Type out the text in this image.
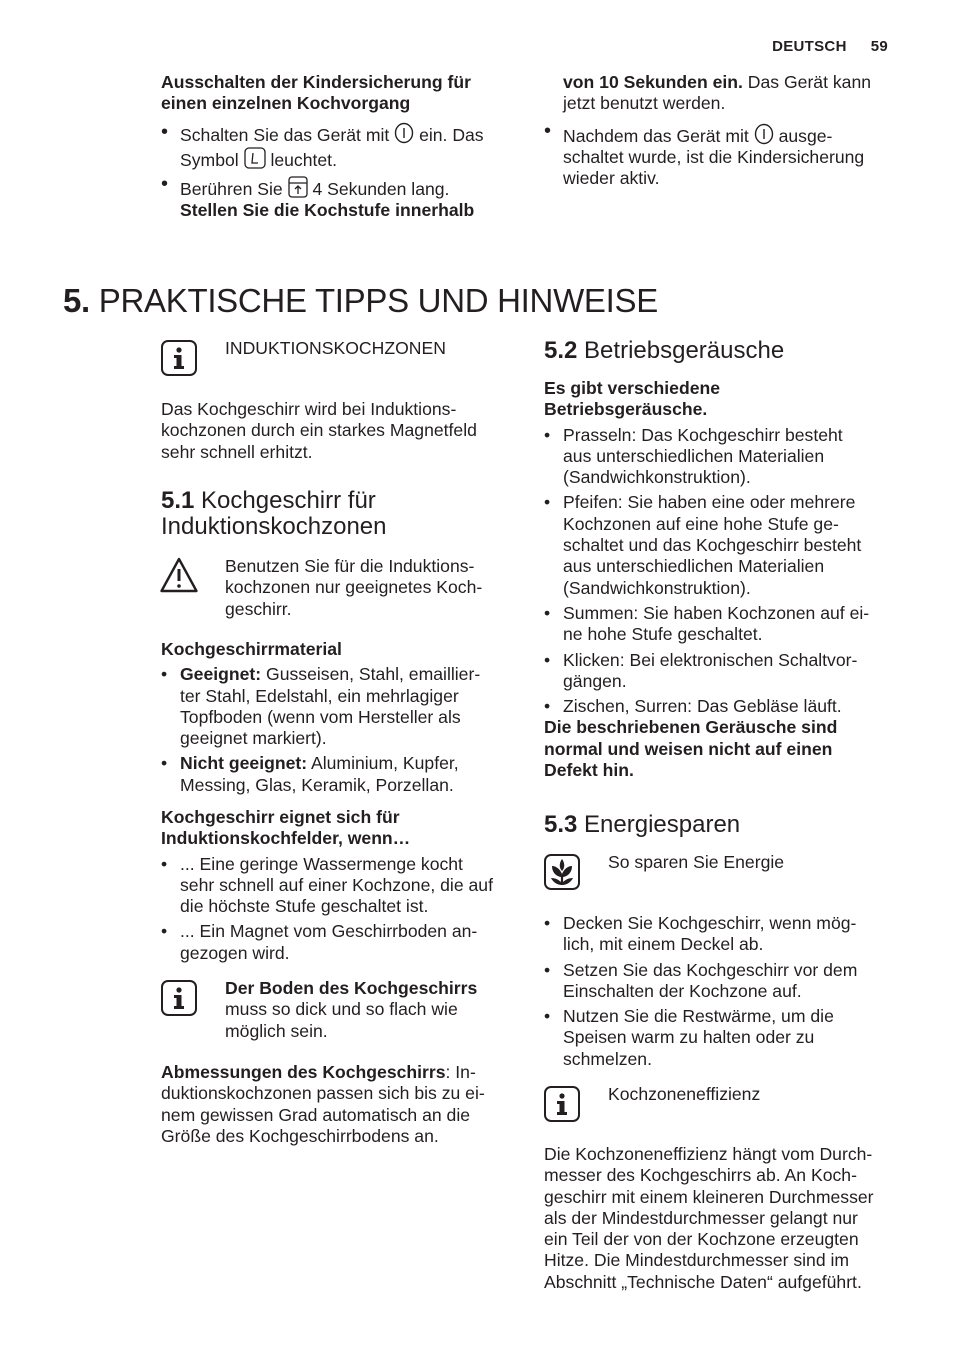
DEUTSCH 59
Ausschalten der Kindersicherung für einen einzelnen Kochvorgang
• Schalten Sie das Gerät mit ein. Das
Symbol leuchtet.
• Berühren Sie 4 Sekunden lang.
Stellen Sie die Kochstufe innerhalb
von 10 Sekunden ein. Das Gerät kann
jetzt benutzt werden.
• Nachdem das Gerät mit ausge-
schaltet wurde, ist die Kindersicherung
wieder aktiv.
5. PRAKTISCHE TIPPS UND HINWEISE
INDUKTIONSKOCHZONEN
Das Kochgeschirr wird bei Induktions-
kochzonen durch ein starkes Magnetfeld
sehr schnell erhitzt.
5.1 Kochgeschirr für
Induktionskochzonen
Benutzen Sie für die Induktions-
kochzonen nur geeignetes Koch-
geschirr.
Kochgeschirrmaterial
• Geeignet: Gusseisen, Stahl, emaillier-
ter Stahl, Edelstahl, ein mehrlagiger
Topfboden (wenn vom Hersteller als
geeignet markiert).
• Nicht geeignet: Aluminium, Kupfer,
Messing, Glas, Keramik, Porzellan.
Kochgeschirr eignet sich für
Induktionskochfelder, wenn…
• ... Eine geringe Wassermenge kocht
sehr schnell auf einer Kochzone, die auf
die höchste Stufe geschaltet ist.
• ... Ein Magnet vom Geschirrboden an-
gezogen wird.
Der Boden des Kochgeschirrs
muss so dick und so flach wie
möglich sein.
Abmessungen des Kochgeschirrs: In-
duktionskochzonen passen sich bis zu ei-
nem gewissen Grad automatisch an die
Größe des Kochgeschirrbodens an.
5.2 Betriebsgeräusche
Es gibt verschiedene
Betriebsgeräusche.
• Prasseln: Das Kochgeschirr besteht
aus unterschiedlichen Materialien
(Sandwichkonstruktion).
• Pfeifen: Sie haben eine oder mehrere
Kochzonen auf eine hohe Stufe ge-
schaltet und das Kochgeschirr besteht
aus unterschiedlichen Materialien
(Sandwichkonstruktion).
• Summen: Sie haben Kochzonen auf ei-
ne hohe Stufe geschaltet.
• Klicken: Bei elektronischen Schaltvor-
gängen.
• Zischen, Surren: Das Gebläse läuft.
Die beschriebenen Geräusche sind
normal und weisen nicht auf einen
Defekt hin.
5.3 Energiesparen
So sparen Sie Energie
• Decken Sie Kochgeschirr, wenn mög-
lich, mit einem Deckel ab.
• Setzen Sie das Kochgeschirr vor dem
Einschalten der Kochzone auf.
• Nutzen Sie die Restwärme, um die
Speisen warm zu halten oder zu
schmelzen.
Kochzoneneffizienz
Die Kochzoneneffizienz hängt vom Durch-
messer des Kochgeschirrs ab. An Koch-
geschirr mit einem kleineren Durchmesser
als der Mindestdurchmesser gelangt nur
ein Teil der von der Kochzone erzeugten
Hitze. Die Mindestdurchmesser sind im
Abschnitt „Technische Daten“ aufgeführt.
